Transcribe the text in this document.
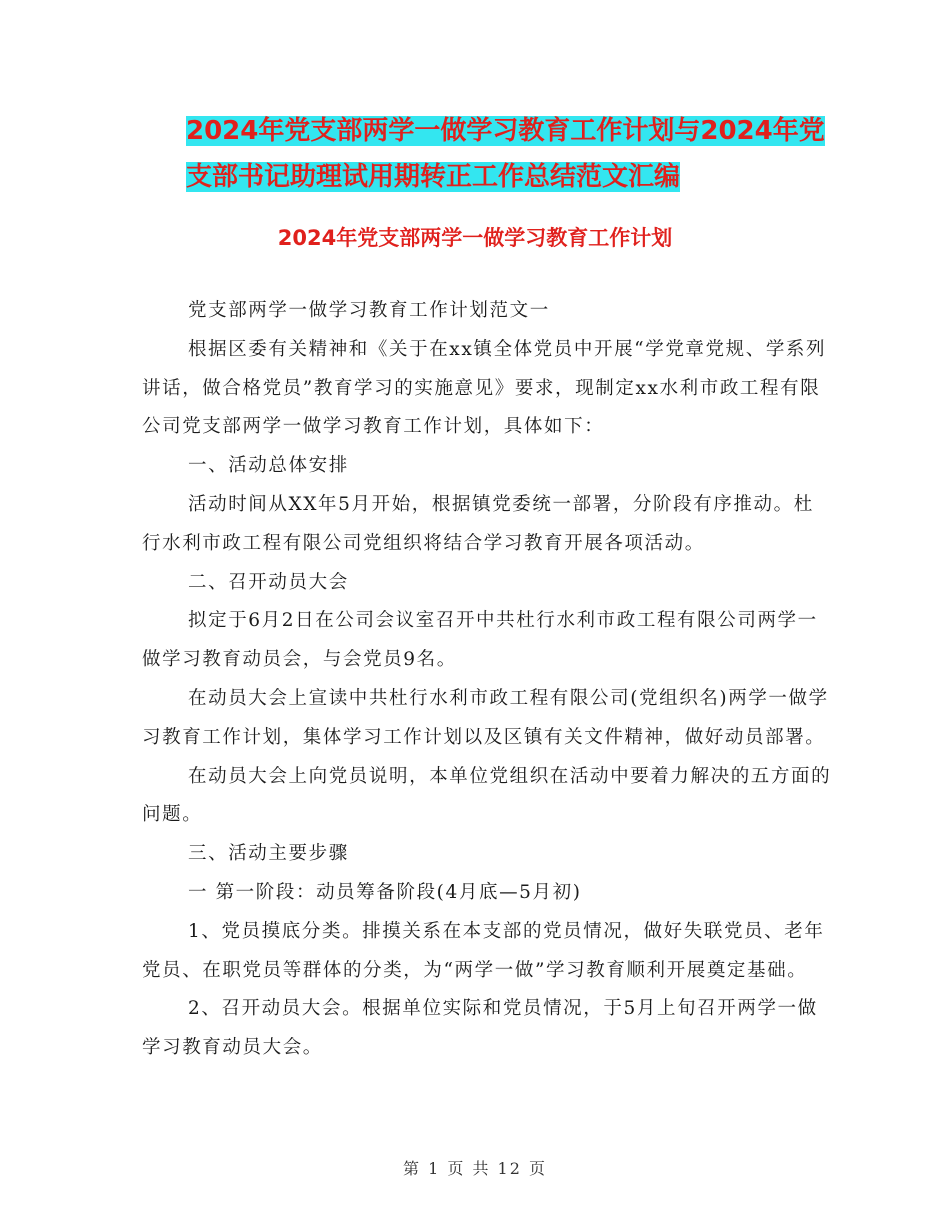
2024年党支部两学一做学习教育工作计划与2024年党
支部书记助理试用期转正工作总结范文汇编
2024年党支部两学一做学习教育工作计划

党支部两学一做学习教育工作计划范文一

根据区委有关精神和《关于在xx镇全体党员中开展“学党章党规、学系列讲话，做合格党员”教育学习的实施意见》要求，现制定xx水利市政工程有限公司党支部两学一做学习教育工作计划，具体如下：

一、活动总体安排

活动时间从XX年5月开始，根据镇党委统一部署，分阶段有序推动。杜行水利市政工程有限公司党组织将结合学习教育开展各项活动。

二、召开动员大会

拟定于6月2日在公司会议室召开中共杜行水利市政工程有限公司两学一做学习教育动员会，与会党员9名。

在动员大会上宣读中共杜行水利市政工程有限公司(党组织名)两学一做学习教育工作计划，集体学习工作计划以及区镇有关文件精神，做好动员部署。

在动员大会上向党员说明，本单位党组织在活动中要着力解决的五方面的问题。

三、活动主要步骤

一 第一阶段：动员筹备阶段(4月底—5月初)

1、党员摸底分类。排摸关系在本支部的党员情况，做好失联党员、老年党员、在职党员等群体的分类，为“两学一做”学习教育顺利开展奠定基础。

2、召开动员大会。根据单位实际和党员情况，于5月上旬召开两学一做学习教育动员大会。

第 1 页 共 12 页
